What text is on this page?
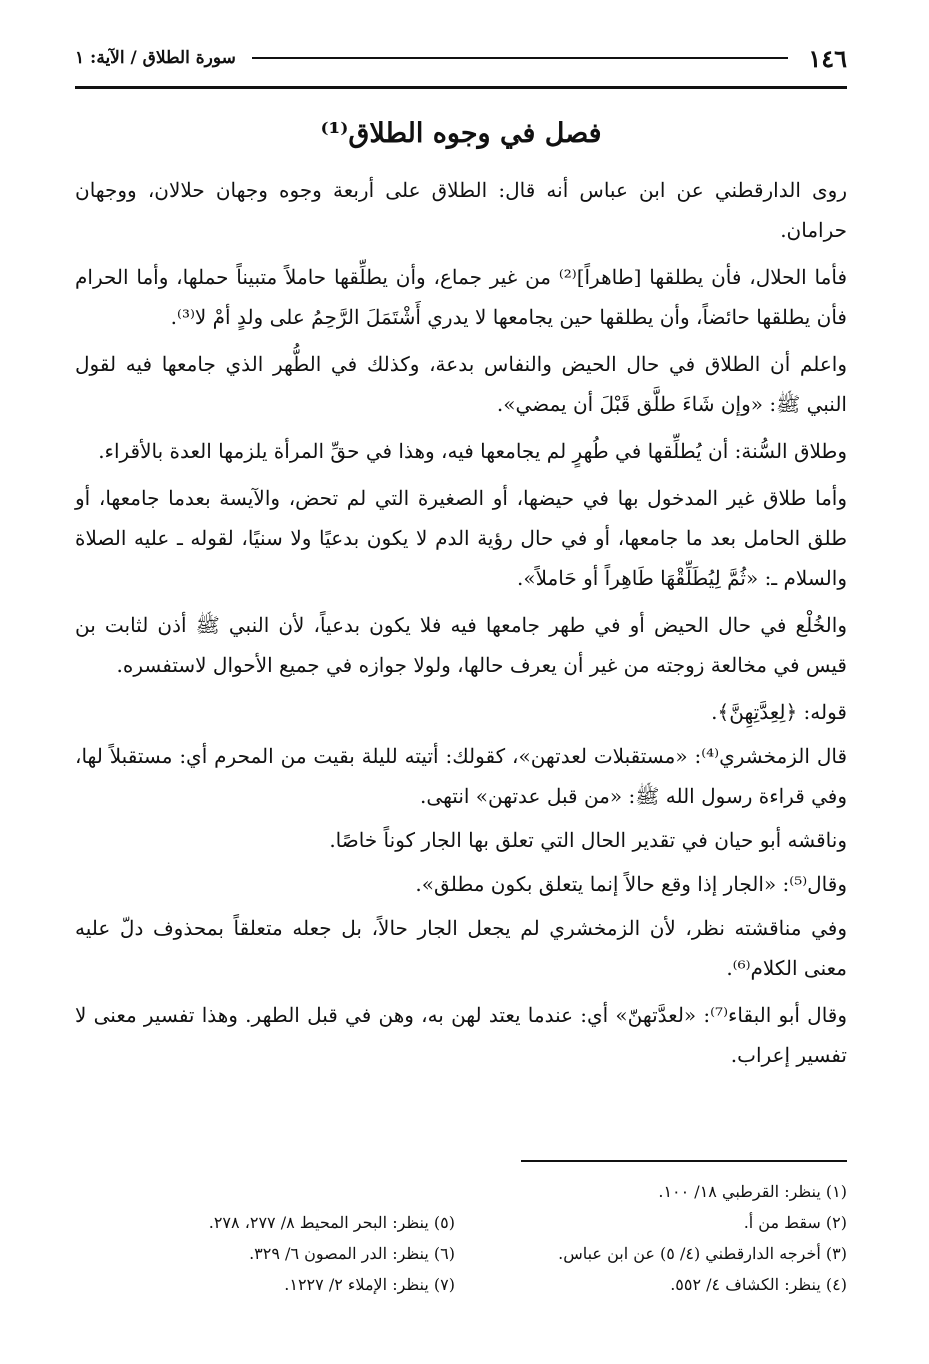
١٤٦
سورة الطلاق / الآية: ١
فصل في وجوه الطلاق⁽¹⁾

روى الدارقطني عن ابن عباس أنه قال: الطلاق على أربعة وجوه وجهان حلالان، ووجهان حرامان.

فأما الحلال، فأن يطلقها [طاهراً]⁽²⁾ من غير جماع، وأن يطلِّقها حاملاً متبيناً حملها، وأما الحرام فأن يطلقها حائضاً، وأن يطلقها حين يجامعها لا يدري أَشْتَمَلَ الرَّحِمُ على ولدٍ أمْ لا⁽³⁾.

واعلم أن الطلاق في حال الحيض والنفاس بدعة، وكذلك في الطُّهر الذي جامعها فيه لقول النبي ﷺ: «وإن شَاءَ طلَّق قَبْلَ أن يمضي».

وطلاق السُّنة: أن يُطلِّقها في طُهرٍ لم يجامعها فيه، وهذا في حقِّ المرأة يلزمها العدة بالأقراء.

وأما طلاق غير المدخول بها في حيضها، أو الصغيرة التي لم تحض، والآيسة بعدما جامعها، أو طلق الحامل بعد ما جامعها، أو في حال رؤية الدم لا يكون بدعيًا ولا سنيًا، لقوله ـ عليه الصلاة والسلام ـ: «ثُمَّ لِيُطَلِّقْهَا طَاهِراً أو حَاملاً».

والخُلْع في حال الحيض أو في طهر جامعها فيه فلا يكون بدعياً، لأن النبي ﷺ أذن لثابت بن قيس في مخالعة زوجته من غير أن يعرف حالها، ولولا جوازه في جميع الأحوال لاستفسره.

قوله: ﴿لِعِدَّتِهِنَّ﴾.

قال الزمخشري⁽⁴⁾: «مستقبلات لعدتهن»، كقولك: أتيته لليلة بقيت من المحرم أي: مستقبلاً لها، وفي قراءة رسول الله ﷺ: «من قبل عدتهن» انتهى.

وناقشه أبو حيان في تقدير الحال التي تعلق بها الجار كوناً خاصًا.

وقال⁽⁵⁾: «الجار إذا وقع حالاً إنما يتعلق بكون مطلق».

وفي مناقشته نظر، لأن الزمخشري لم يجعل الجار حالاً، بل جعله متعلقاً بمحذوف دلّ عليه معنى الكلام⁽⁶⁾.

وقال أبو البقاء⁽⁷⁾: «لعدَّتهنّ» أي: عندما يعتد لهن به، وهن في قبل الطهر. وهذا تفسير معنى لا تفسير إعراب.

(١) ينظر: القرطبي ١٨/ ١٠٠.
(٢) سقط من أ.
(٥) ينظر: البحر المحيط ٨/ ٢٧٧، ٢٧٨.
(٣) أخرجه الدارقطني (٤/ ٥) عن ابن عباس.
(٦) ينظر: الدر المصون ٦/ ٣٢٩.
(٤) ينظر: الكشاف ٤/ ٥٥٢.
(٧) ينظر: الإملاء ٢/ ١٢٢٧.
